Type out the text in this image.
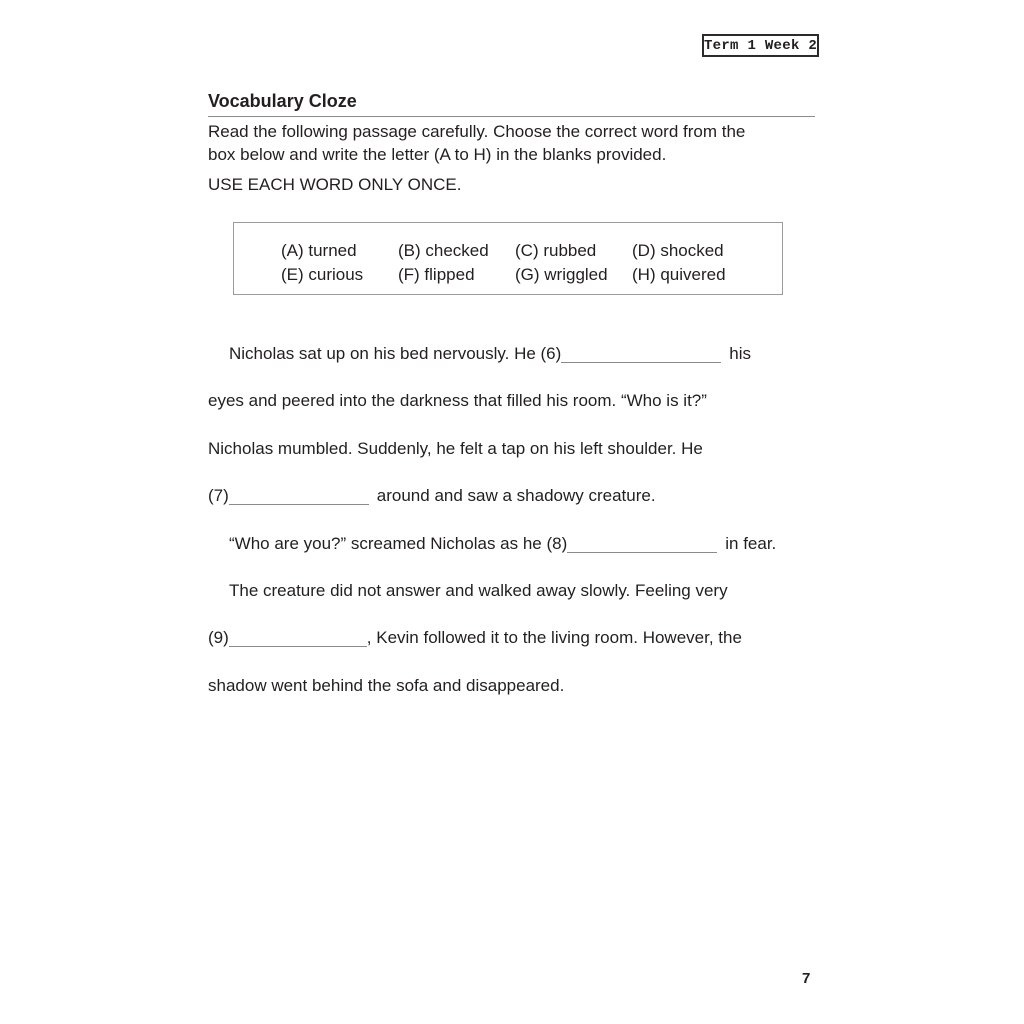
Term 1 Week 2
Vocabulary Cloze
Read the following passage carefully. Choose the correct word from the
box below and write the letter (A to H) in the blanks provided.
USE EACH WORD ONLY ONCE.
(A) turned	(B) checked	(C) rubbed	(D) shocked
(E) curious	(F) flipped	(G) wriggled	(H) quivered
Nicholas sat up on his bed nervously. He (6)	his
eyes and peered into the darkness that filled his room. “Who is it?”
Nicholas mumbled. Suddenly, he felt a tap on his left shoulder. He
(7)	around and saw a shadowy creature.
“Who are you?” screamed Nicholas as he (8)	in fear.
The creature did not answer and walked away slowly. Feeling very
(9)	, Kevin followed it to the living room. However, the
shadow went behind the sofa and disappeared.
7
